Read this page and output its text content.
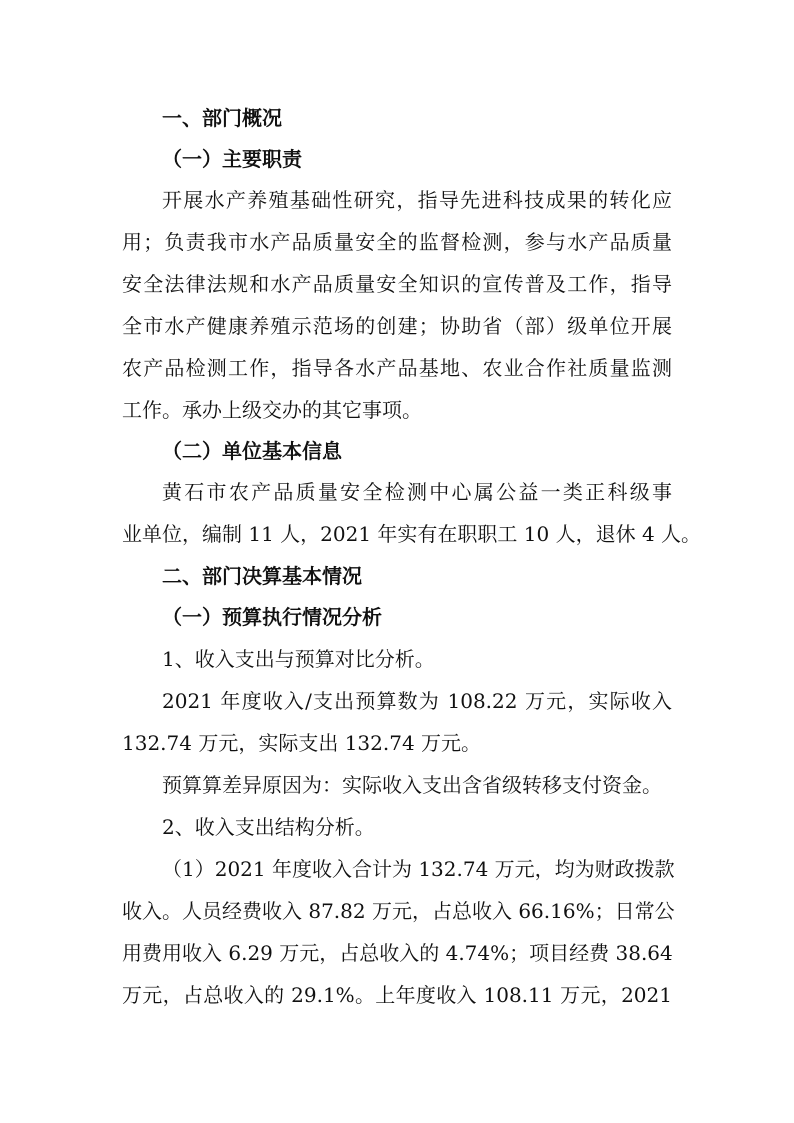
一、部门概况
（一）主要职责
开展水产养殖基础性研究，指导先进科技成果的转化应
用；负责我市水产品质量安全的监督检测，参与水产品质量
安全法律法规和水产品质量安全知识的宣传普及工作，指导
全市水产健康养殖示范场的创建；协助省（部）级单位开展
农产品检测工作，指导各水产品基地、农业合作社质量监测
工作。承办上级交办的其它事项。
（二）单位基本信息
黄石市农产品质量安全检测中心属公益一类正科级事
业单位，编制 11 人，2021 年实有在职职工 10 人，退休 4 人。
二、部门决算基本情况
（一）预算执行情况分析
1、收入支出与预算对比分析。
2021 年度收入/支出预算数为 108.22 万元，实际收入
132.74 万元，实际支出 132.74 万元。
预算算差异原因为：实际收入支出含省级转移支付资金。
2、收入支出结构分析。
（1）2021 年度收入合计为 132.74 万元，均为财政拨款
收入。人员经费收入 87.82 万元，占总收入 66.16%；日常公
用费用收入 6.29 万元，占总收入的 4.74%；项目经费 38.64
万元，占总收入的 29.1%。上年度收入 108.11 万元，2021
